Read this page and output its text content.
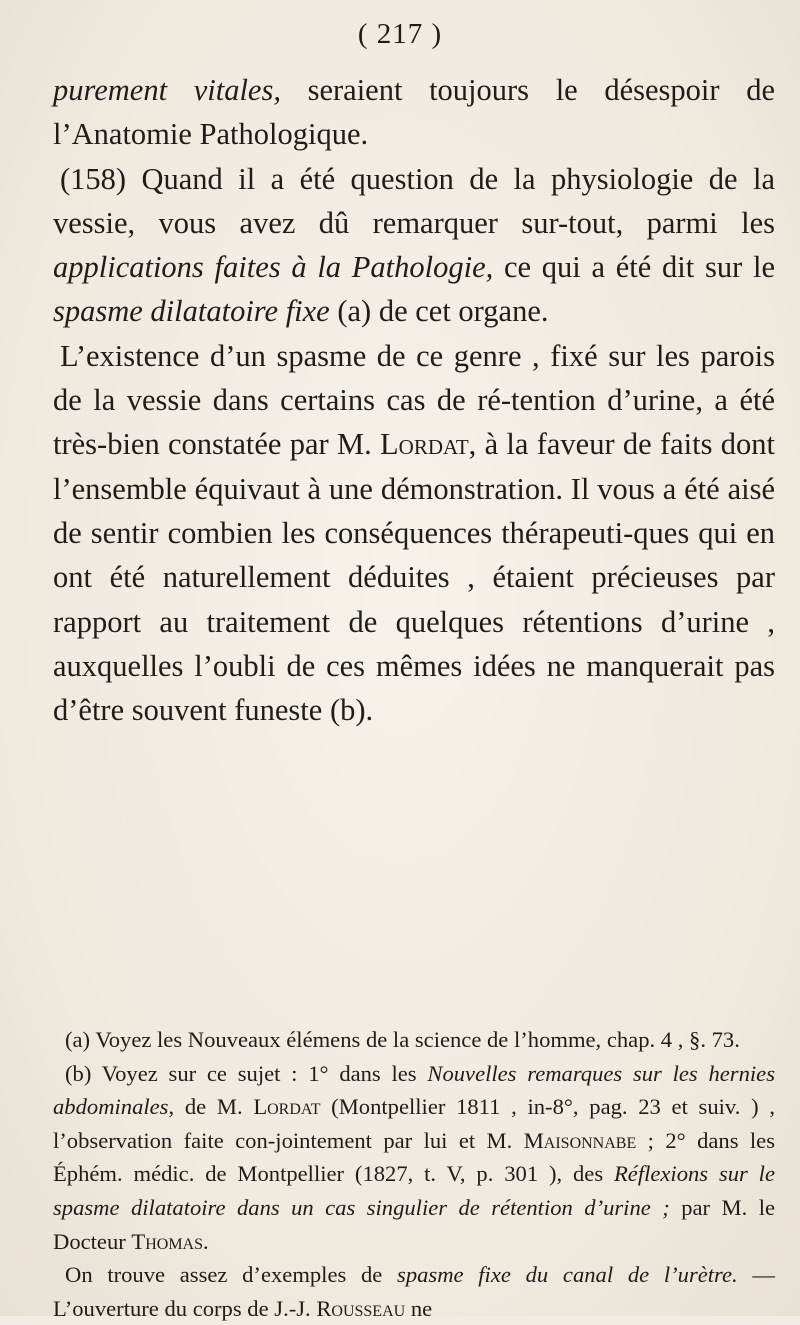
( 217 )

purement vitales, seraient toujours le désespoir de l’Anatomie Pathologique.

(158) Quand il a été question de la physiologie de la vessie, vous avez dû remarquer sur-tout, parmi les applications faites à la Pathologie, ce qui a été dit sur le spasme dilatatoire fixe (a) de cet organe.

L’existence d’un spasme de ce genre , fixé sur les parois de la vessie dans certains cas de ré-tention d’urine, a été très-bien constatée par M. Lordat, à la faveur de faits dont l’ensemble équivaut à une démonstration. Il vous a été aisé de sentir combien les conséquences thérapeuti-ques qui en ont été naturellement déduites , étaient précieuses par rapport au traitement de quelques rétentions d’urine , auxquelles l’oubli de ces mêmes idées ne manquerait pas d’être souvent funeste (b).

(a) Voyez les Nouveaux élémens de la science de l’homme, chap. 4 , §. 73.

(b) Voyez sur ce sujet : 1° dans les Nouvelles remarques sur les hernies abdominales, de M. Lordat (Montpellier 1811 , in-8°, pag. 23 et suiv. ) , l’observation faite con-jointement par lui et M. Maisonnabe ; 2° dans les Éphém. médic. de Montpellier (1827, t. V, p. 301 ), des Réflexions sur le spasme dilatatoire dans un cas singulier de rétention d’urine ; par M. le Docteur Thomas.

On trouve assez d’exemples de spasme fixe du canal de l’urètre. — L’ouverture du corps de J.-J. Rousseau ne
